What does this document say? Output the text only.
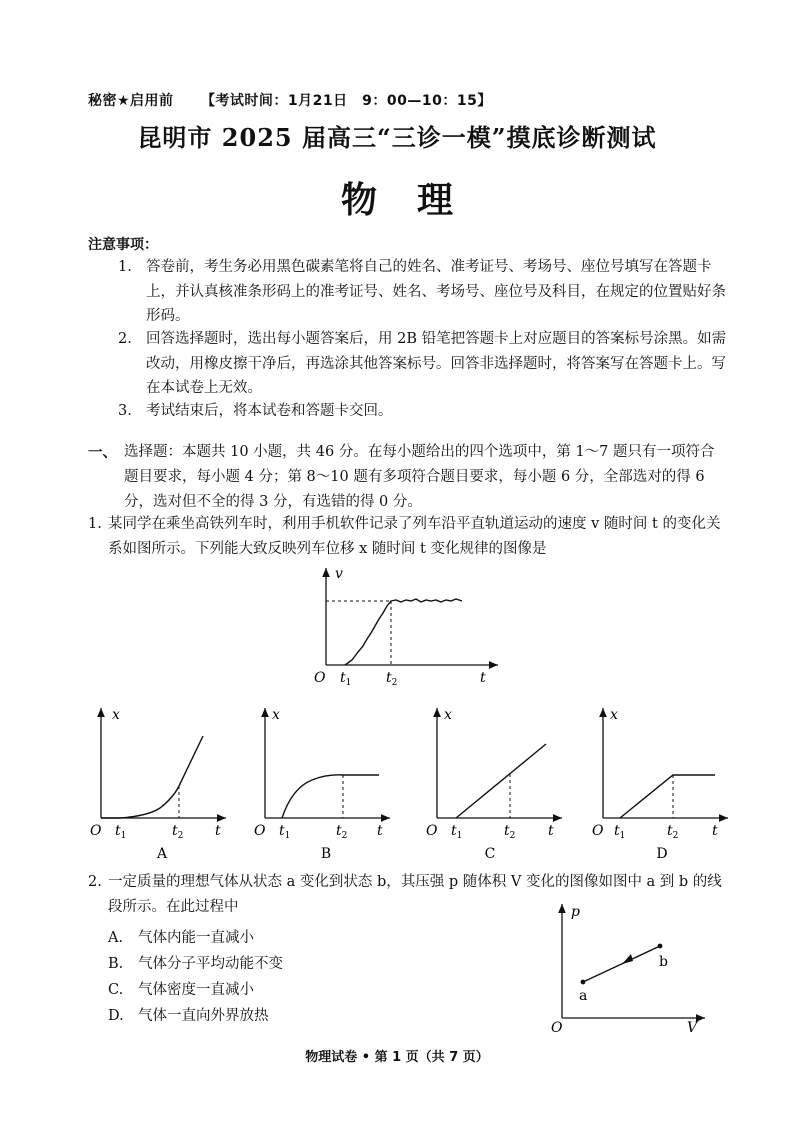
秘密★启用前 【考试时间：1月21日　9：00—10：15】
昆明市 2025 届高三“三诊一模”摸底诊断测试
物理
注意事项：
1. 答卷前，考生务必用黑色碳素笔将自己的姓名、准考证号、考场号、座位号填写在答题卡上，并认真核准条形码上的准考证号、姓名、考场号、座位号及科目，在规定的位置贴好条形码。
2. 回答选择题时，选出每小题答案后，用 2B 铅笔把答题卡上对应题目的答案标号涂黑。如需改动，用橡皮擦干净后，再选涂其他答案标号。回答非选择题时，将答案写在答题卡上。写在本试卷上无效。
3. 考试结束后，将本试卷和答题卡交回。
一、 选择题：本题共 10 小题，共 46 分。在每小题给出的四个选项中，第 1～7 题只有一项符合题目要求，每小题 4 分；第 8～10 题有多项符合题目要求，每小题 6 分，全部选对的得 6 分，选对但不全的得 3 分，有选错的得 0 分。
1. 某同学在乘坐高铁列车时，利用手机软件记录了列车沿平直轨道运动的速度 v 随时间 t 的变化关系如图所示。下列能大致反映列车位移 x 随时间 t 变化规律的图像是
v
O $t_1$ $t_2$	t
x
O $t_1$	$t_2$ t
A
x
O $t_1$	$t_2$ t
B
x
O $t_1$	$t_2$ t
C
x
O $t_1$	$t_2$ t
D
2. 一定质量的理想气体从状态 a 变化到状态 b，其压强 p 随体积 V 变化的图像如图中 a 到 b 的线段所示。在此过程中
A. 气体内能一直减小
B. 气体分子平均动能不变
C. 气体密度一直减小
D. 气体一直向外界放热
p
O	V
a
b
物理试卷 • 第 1 页（共 7 页）
